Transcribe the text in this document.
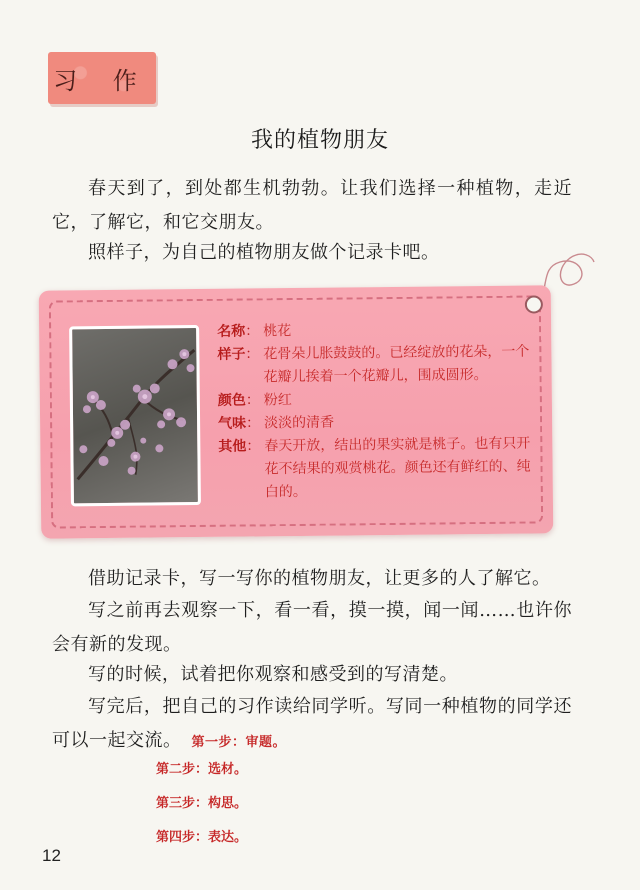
习 作
我的植物朋友
春天到了，到处都生机勃勃。让我们选择一种植物，走近它，了解它，和它交朋友。
照样子，为自己的植物朋友做个记录卡吧。
名称 ： 桃花
样子 ： 花骨朵儿胀鼓鼓的。已经绽放的花朵，一个花瓣儿挨着一个花瓣儿，围成圆形。
颜色 ： 粉红
气味 ： 淡淡的清香
其他 ： 春天开放，结出的果实就是桃子。也有只开花不结果的观赏桃花。颜色还有鲜红的、纯白的。
借助记录卡，写一写你的植物朋友，让更多的人了解它。
写之前再去观察一下，看一看，摸一摸，闻一闻……也许你会有新的发现。
写的时候，试着把你观察和感受到的写清楚。
写完后，把自己的习作读给同学听。写同一种植物的同学还可以一起交流。 第一步：审题。
第二步：选材。
第三步：构思。
第四步：表达。
12
